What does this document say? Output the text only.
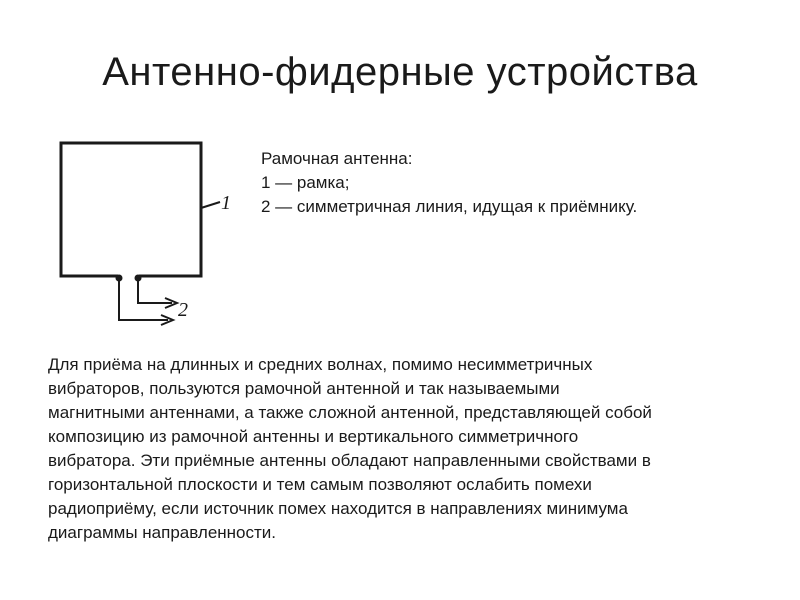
Антенно-фидерные устройства
1
2
Рамочная антенна:
1 — рамка;
2 — симметричная линия, идущая к приёмнику.
Для приёма на длинных и средних волнах, помимо несимметричных
вибраторов, пользуются рамочной антенной и так называемыми
магнитными антеннами, а также сложной антенной, представляющей собой
композицию из рамочной антенны и вертикального симметричного
вибратора. Эти приёмные антенны обладают направленными свойствами в
горизонтальной плоскости и тем самым позволяют ослабить помехи
радиоприёму, если источник помех находится в направлениях минимума
диаграммы направленности.
